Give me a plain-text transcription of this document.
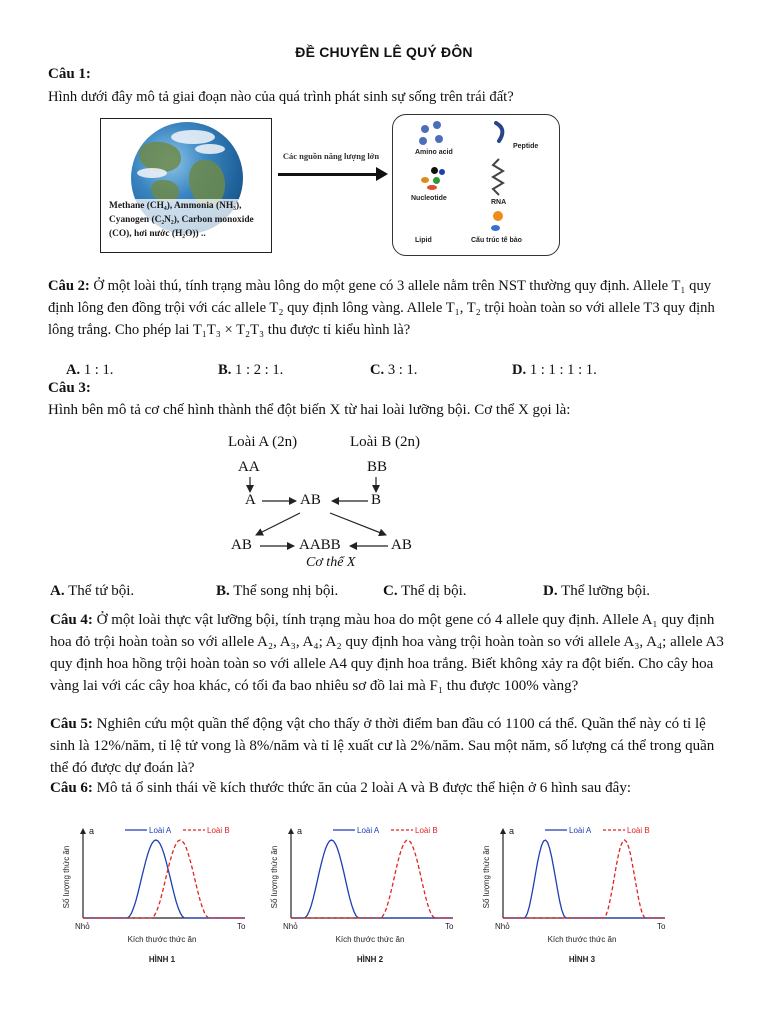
ĐỀ CHUYÊN LÊ QUÝ ĐÔN
Câu 1:
Hình dưới đây mô tả giai đoạn nào của quá trình phát sinh sự sống trên trái đất?
Methane (CH₄), Ammonia (NH₃),
Cyanogen (C₂N₂), Carbon monoxide
(CO), hơi nước (H₂O)) ..
Các nguồn năng lượng lớn	Amino acid
Peptide
Nucleotide
RNA
Lipid	Cấu trúc tế bào
Câu 2: Ở một loài thú, tính trạng màu lông do một gene có 3 allele nằm trên NST thường quy định. Allele T₁ quy định lông đen đồng trội với các allele T₂ quy định lông vàng. Allele T₁, T₂ trội hoàn toàn so với allele T3 quy định lông trắng. Cho phép lai T₁T₃ × T₂T₃ thu được tỉ kiểu hình là?
A. 1 : 1.	B. 1 : 2 : 1.	C. 3 : 1.	D. 1 : 1 : 1 : 1.
Câu 3:
Hình bên mô tả cơ chế hình thành thể đột biến X từ hai loài lưỡng bội. Cơ thể X gọi là:
Loài A (2n)	Loài B (2n)
AA	BB
A	AB	B
AB	AABB	AB
Cơ thể X
A. Thể tứ bội.	B. Thể song nhị bội.	C. Thể dị bội.	D. Thể lưỡng bội.
Câu 4: Ở một loài thực vật lưỡng bội, tính trạng màu hoa do một gene có 4 allele quy định. Allele A₁ quy định hoa đỏ trội hoàn toàn so với allele A₂, A₃, A₄; A₂ quy định hoa vàng trội hoàn toàn so với allele A₃, A₄; allele A3 quy định hoa hồng trội hoàn toàn so với allele A4 quy định hoa trắng. Biết không xảy ra đột biến. Cho cây hoa vàng lai với các cây hoa khác, có tối đa bao nhiêu sơ đồ lai mà F₁ thu được 100% vàng?
Câu 5: Nghiên cứu một quần thể động vật cho thấy ở thời điểm ban đầu có 1100 cá thể. Quần thể này có tỉ lệ sinh là 12%/năm, tỉ lệ tử vong là 8%/năm và tỉ lệ xuất cư là 2%/năm. Sau một năm, số lượng cá thể trong quần thể đó được dự đoán là?
Câu 6: Mô tả ổ sinh thái về kích thước thức ăn của 2 loài A và B được thể hiện ở 6 hình sau đây:
a
Nhỏ	To
Kích thước thức ăn
HÌNH 1
Số lượng thức ăn
Loài A	Loài B	a
Nhỏ	To
Kích thước thức ăn
HÌNH 2
Số lượng thức ăn
Loài A	Loài B	a
Nhỏ	To
Kích thước thức ăn
HÌNH 3
Số lượng thức ăn
Loài A	Loài B
